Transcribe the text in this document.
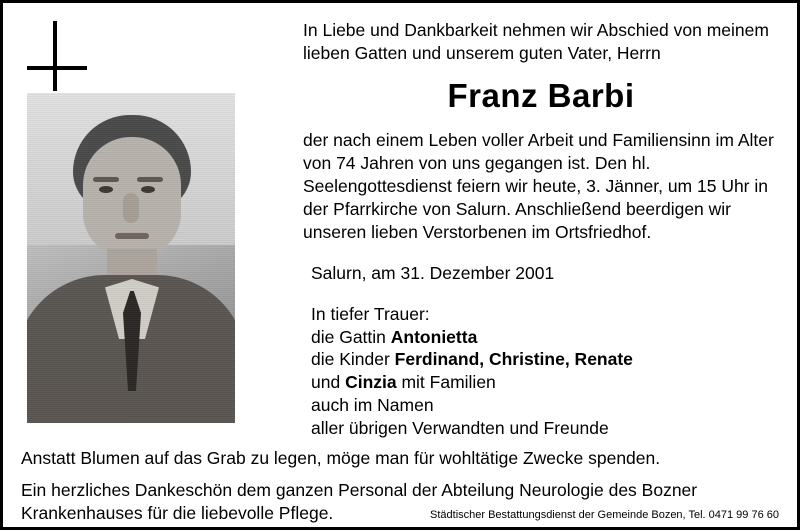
In Liebe und Dankbarkeit nehmen wir Abschied von meinem lieben Gatten und unserem guten Vater, Herrn

Franz Barbi

der nach einem Leben voller Arbeit und Familiensinn im Alter von 74 Jahren von uns gegangen ist. Den hl. Seelengottesdienst feiern wir heute, 3. Jänner, um 15 Uhr in der Pfarrkirche von Salurn. Anschließend beerdigen wir unseren lieben Verstorbenen im Ortsfriedhof.

Salurn, am 31. Dezember 2001

In tiefer Trauer:
die Gattin Antonietta
die Kinder Ferdinand, Christine, Renate
und Cinzia mit Familien
auch im Namen
aller übrigen Verwandten und Freunde

Anstatt Blumen auf das Grab zu legen, möge man für wohltätige Zwecke spenden.

Ein herzliches Dankeschön dem ganzen Personal der Abteilung Neurologie des Bozner Krankenhauses für die liebevolle Pflege.	Städtischer Bestattungsdienst der Gemeinde Bozen, Tel. 0471 99 76 60
